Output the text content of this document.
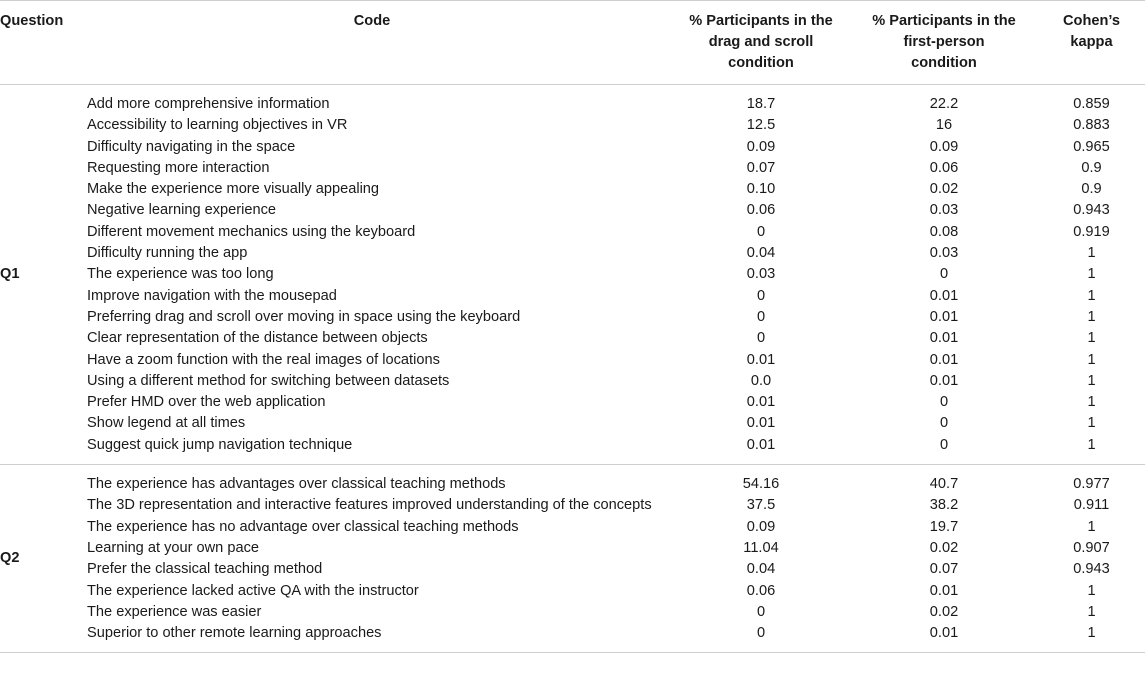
Question	Code	% Participants in the drag and scroll condition	% Participants in the first-person condition	Cohen’s kappa
Q1	Add more comprehensive information	18.7	22.2	0.859
	Accessibility to learning objectives in VR	12.5	16	0.883
	Difficulty navigating in the space	0.09	0.09	0.965
	Requesting more interaction	0.07	0.06	0.9
	Make the experience more visually appealing	0.10	0.02	0.9
	Negative learning experience	0.06	0.03	0.943
	Different movement mechanics using the keyboard	0	0.08	0.919
	Difficulty running the app	0.04	0.03	1
	The experience was too long	0.03	0	1
	Improve navigation with the mousepad	0	0.01	1
	Preferring drag and scroll over moving in space using the keyboard	0	0.01	1
	Clear representation of the distance between objects	0	0.01	1
	Have a zoom function with the real images of locations	0.01	0.01	1
	Using a different method for switching between datasets	0.0	0.01	1
	Prefer HMD over the web application	0.01	0	1
	Show legend at all times	0.01	0	1
	Suggest quick jump navigation technique	0.01	0	1
Q2	The experience has advantages over classical teaching methods	54.16	40.7	0.977
	The 3D representation and interactive features improved understanding of the concepts	37.5	38.2	0.911
	The experience has no advantage over classical teaching methods	0.09	19.7	1
	Learning at your own pace	11.04	0.02	0.907
	Prefer the classical teaching method	0.04	0.07	0.943
	The experience lacked active QA with the instructor	0.06	0.01	1
	The experience was easier	0	0.02	1
	Superior to other remote learning approaches	0	0.01	1
